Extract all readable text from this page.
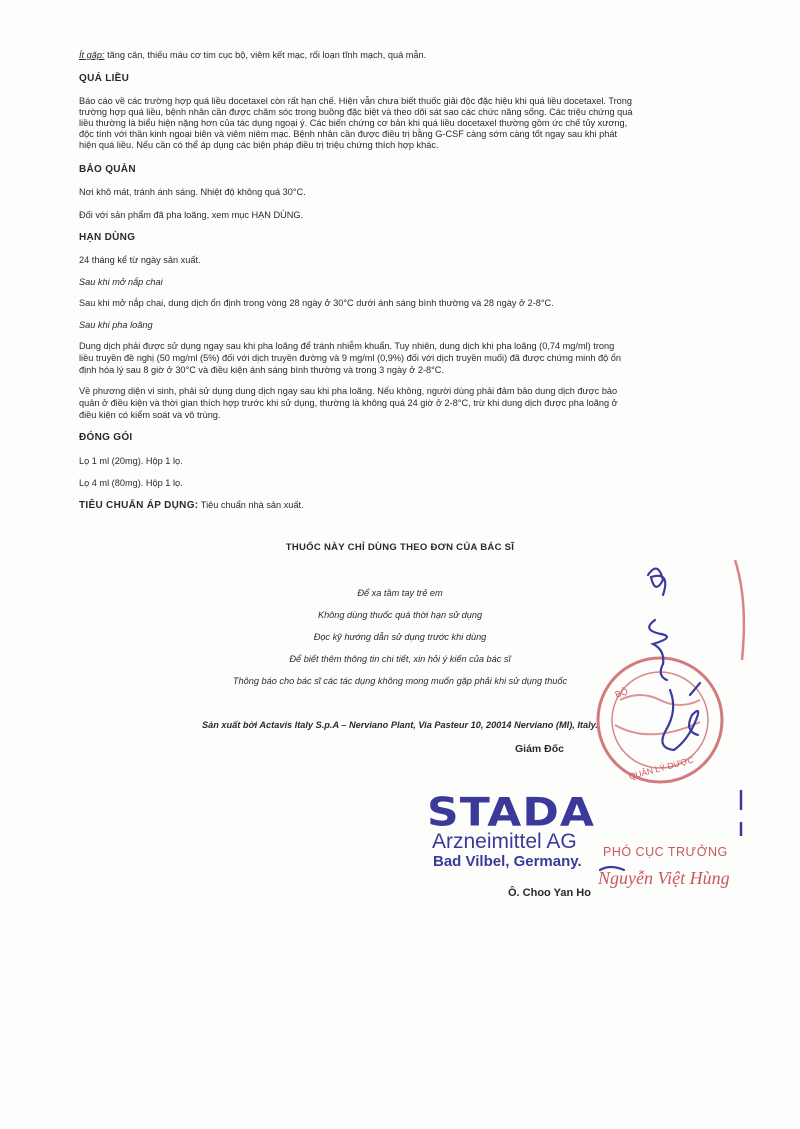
Ít gặp: tăng cân, thiếu máu cơ tim cục bộ, viêm kết mạc, rối loạn tĩnh mạch, quá mẫn.
QUÁ LIỀU
Báo cáo về các trường hợp quá liều docetaxel còn rất hạn chế. Hiện vẫn chưa biết thuốc giải độc đặc hiệu khi quá liều docetaxel. Trong
trường hợp quá liều, bệnh nhân cần được chăm sóc trong buồng đặc biệt và theo dõi sát sao các chức năng sống. Các triệu chứng quá
liều thường là biểu hiện nặng hơn của tác dụng ngoại ý. Các biến chứng cơ bản khi quá liều docetaxel thường gồm ức chế tủy xương,
độc tính với thần kinh ngoại biên và viêm niêm mạc. Bệnh nhân cần được điều trị bằng G-CSF càng sớm càng tốt ngay sau khi phát
hiện quá liều. Nếu cần có thể áp dụng các biện pháp điều trị triệu chứng thích hợp khác.
BẢO QUẢN
Nơi khô mát, tránh ánh sáng. Nhiệt độ không quá 30°C.
Đối với sản phẩm đã pha loãng, xem mục HẠN DÙNG.
HẠN DÙNG
24 tháng kể từ ngày sản xuất.
Sau khi mở nắp chai
Sau khi mở nắp chai, dung dịch ổn định trong vòng 28 ngày ở 30°C dưới ánh sáng bình thường và 28 ngày ở 2-8°C.
Sau khi pha loãng
Dung dịch phải được sử dụng ngay sau khi pha loãng để tránh nhiễm khuẩn. Tuy nhiên, dung dịch khi pha loãng (0,74 mg/ml) trong
liều truyền đề nghị (50 mg/ml (5%) đối với dịch truyền đường và 9 mg/ml (0,9%) đối với dịch truyền muối) đã được chứng minh độ ổn
định hóa lý sau 8 giờ ở 30°C và điều kiện ánh sáng bình thường và trong 3 ngày ở 2-8°C.
Về phương diện vi sinh, phải sử dụng dung dịch ngay sau khi pha loãng. Nếu không, người dùng phải đảm bảo dung dịch được bảo
quản ở điều kiện và thời gian thích hợp trước khi sử dụng, thường là không quá 24 giờ ở 2-8°C, trừ khi dung dịch được pha loãng ở
điều kiện có kiểm soát và vô trùng.
ĐÓNG GÓI
Lọ 1 ml (20mg). Hộp 1 lọ.
Lọ 4 ml (80mg). Hộp 1 lọ.
TIÊU CHUẨN ÁP DỤNG: Tiêu chuẩn nhà sản xuất.
THUỐC NÀY CHỈ DÙNG THEO ĐƠN CỦA BÁC SĨ
Để xa tầm tay trẻ em
Không dùng thuốc quá thời hạn sử dụng
Đọc kỹ hướng dẫn sử dụng trước khi dùng
Để biết thêm thông tin chi tiết, xin hỏi ý kiến của bác sĩ
Thông báo cho bác sĩ các tác dụng không mong muốn gặp phải khi sử dụng thuốc
Sản xuất bởi Actavis Italy S.p.A – Nerviano Plant, Via Pasteur 10, 20014 Nerviano (MI), Italy.
Giám Đốc
BỘ
QUẢN LÝ DƯỢC
STADA
Arzneimittel AG
Bad Vilbel, Germany.
Ô. Choo Yan Ho
PHÓ CỤC TRƯỞNG
Nguyễn Việt Hùng
